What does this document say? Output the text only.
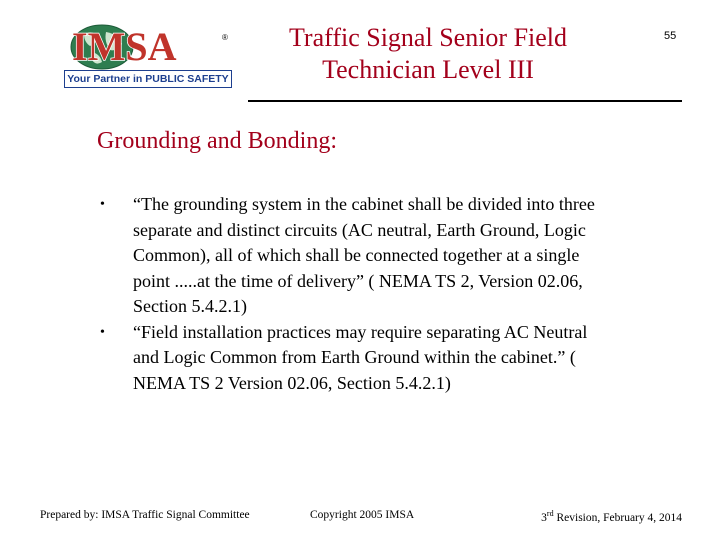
IMSA	®
Your Partner in PUBLIC SAFETY
Traffic Signal Senior Field
Technician Level III
55
Grounding and Bonding:
• “The grounding system in the cabinet shall be divided into three separate and distinct circuits (AC neutral, Earth Ground, Logic Common), all of which shall be connected together at a single point .....at the time of delivery” ( NEMA TS 2, Version 02.06, Section 5.4.2.1)
• “Field installation practices may require separating AC Neutral and Logic Common from Earth Ground within the cabinet.” ( NEMA TS 2 Version 02.06, Section 5.4.2.1)
Prepared by: IMSA Traffic Signal Committee	Copyright 2005 IMSA	3rd Revision, February 4, 2014
